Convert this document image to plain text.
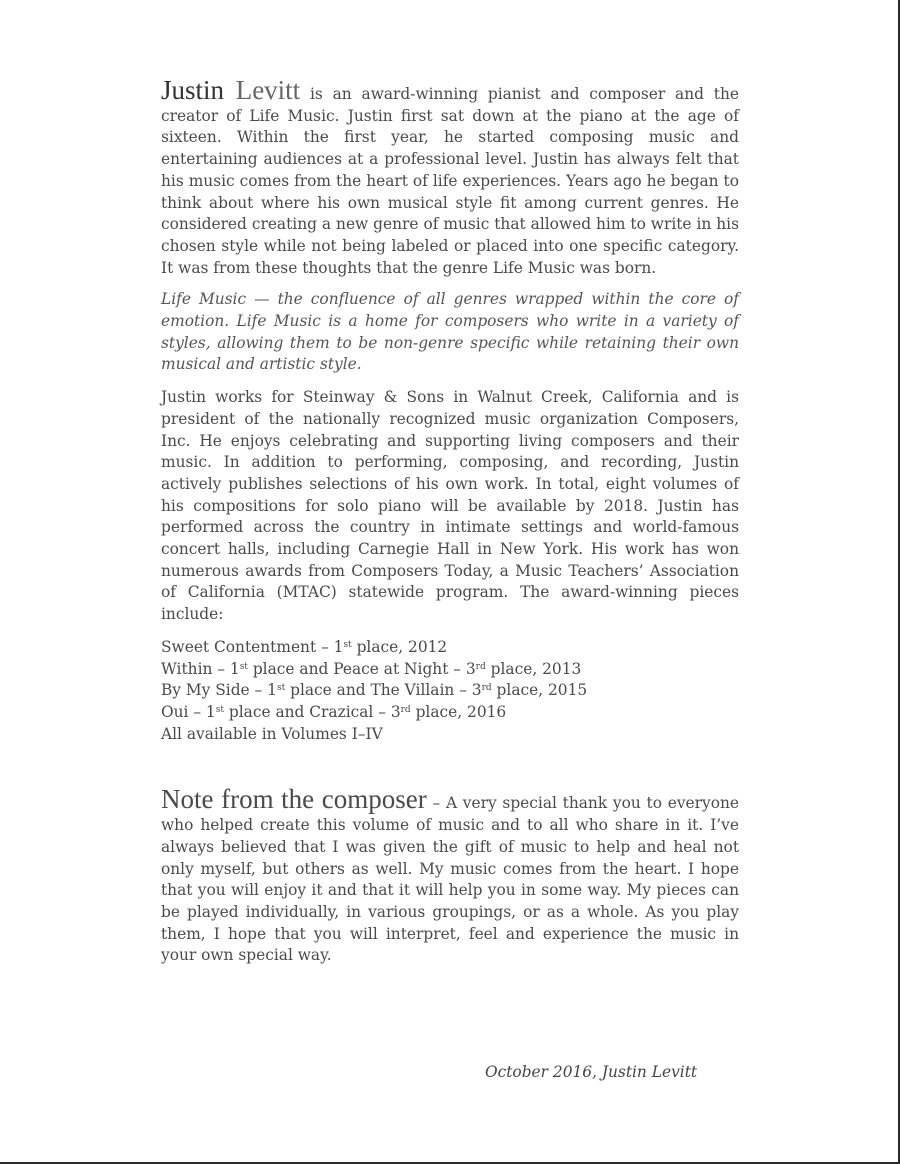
Justin Levitt is an award-winning pianist and composer and the creator of Life Music. Justin first sat down at the piano at the age of sixteen. Within the first year, he started composing music and entertaining audiences at a professional level. Justin has always felt that his music comes from the heart of life experiences. Years ago he began to think about where his own musical style fit among current genres. He considered creating a new genre of music that allowed him to write in his chosen style while not being labeled or placed into one specific category. It was from these thoughts that the genre Life Music was born.

Life Music — the confluence of all genres wrapped within the core of emotion. Life Music is a home for composers who write in a variety of styles, allowing them to be non-genre specific while retaining their own musical and artistic style.

Justin works for Steinway & Sons in Walnut Creek, California and is president of the nationally recognized music organization Composers, Inc. He enjoys celebrating and supporting living composers and their music. In addition to performing, composing, and recording, Justin actively publishes selections of his own work. In total, eight volumes of his compositions for solo piano will be available by 2018. Justin has performed across the country in intimate settings and world-famous concert halls, including Carnegie Hall in New York. His work has won numerous awards from Composers Today, a Music Teachers’ Association of California (MTAC) statewide program. The award-winning pieces include:

Sweet Contentment – 1st place, 2012
Within – 1st place and Peace at Night – 3rd place, 2013
By My Side – 1st place and The Villain – 3rd place, 2015
Oui – 1st place and Crazical – 3rd place, 2016
All available in Volumes I–IV

Note from the composer – A very special thank you to everyone who helped create this volume of music and to all who share in it. I’ve always believed that I was given the gift of music to help and heal not only myself, but others as well. My music comes from the heart. I hope that you will enjoy it and that it will help you in some way. My pieces can be played individually, in various groupings, or as a whole. As you play them, I hope that you will interpret, feel and experience the music in your own special way.

October 2016, Justin Levitt
